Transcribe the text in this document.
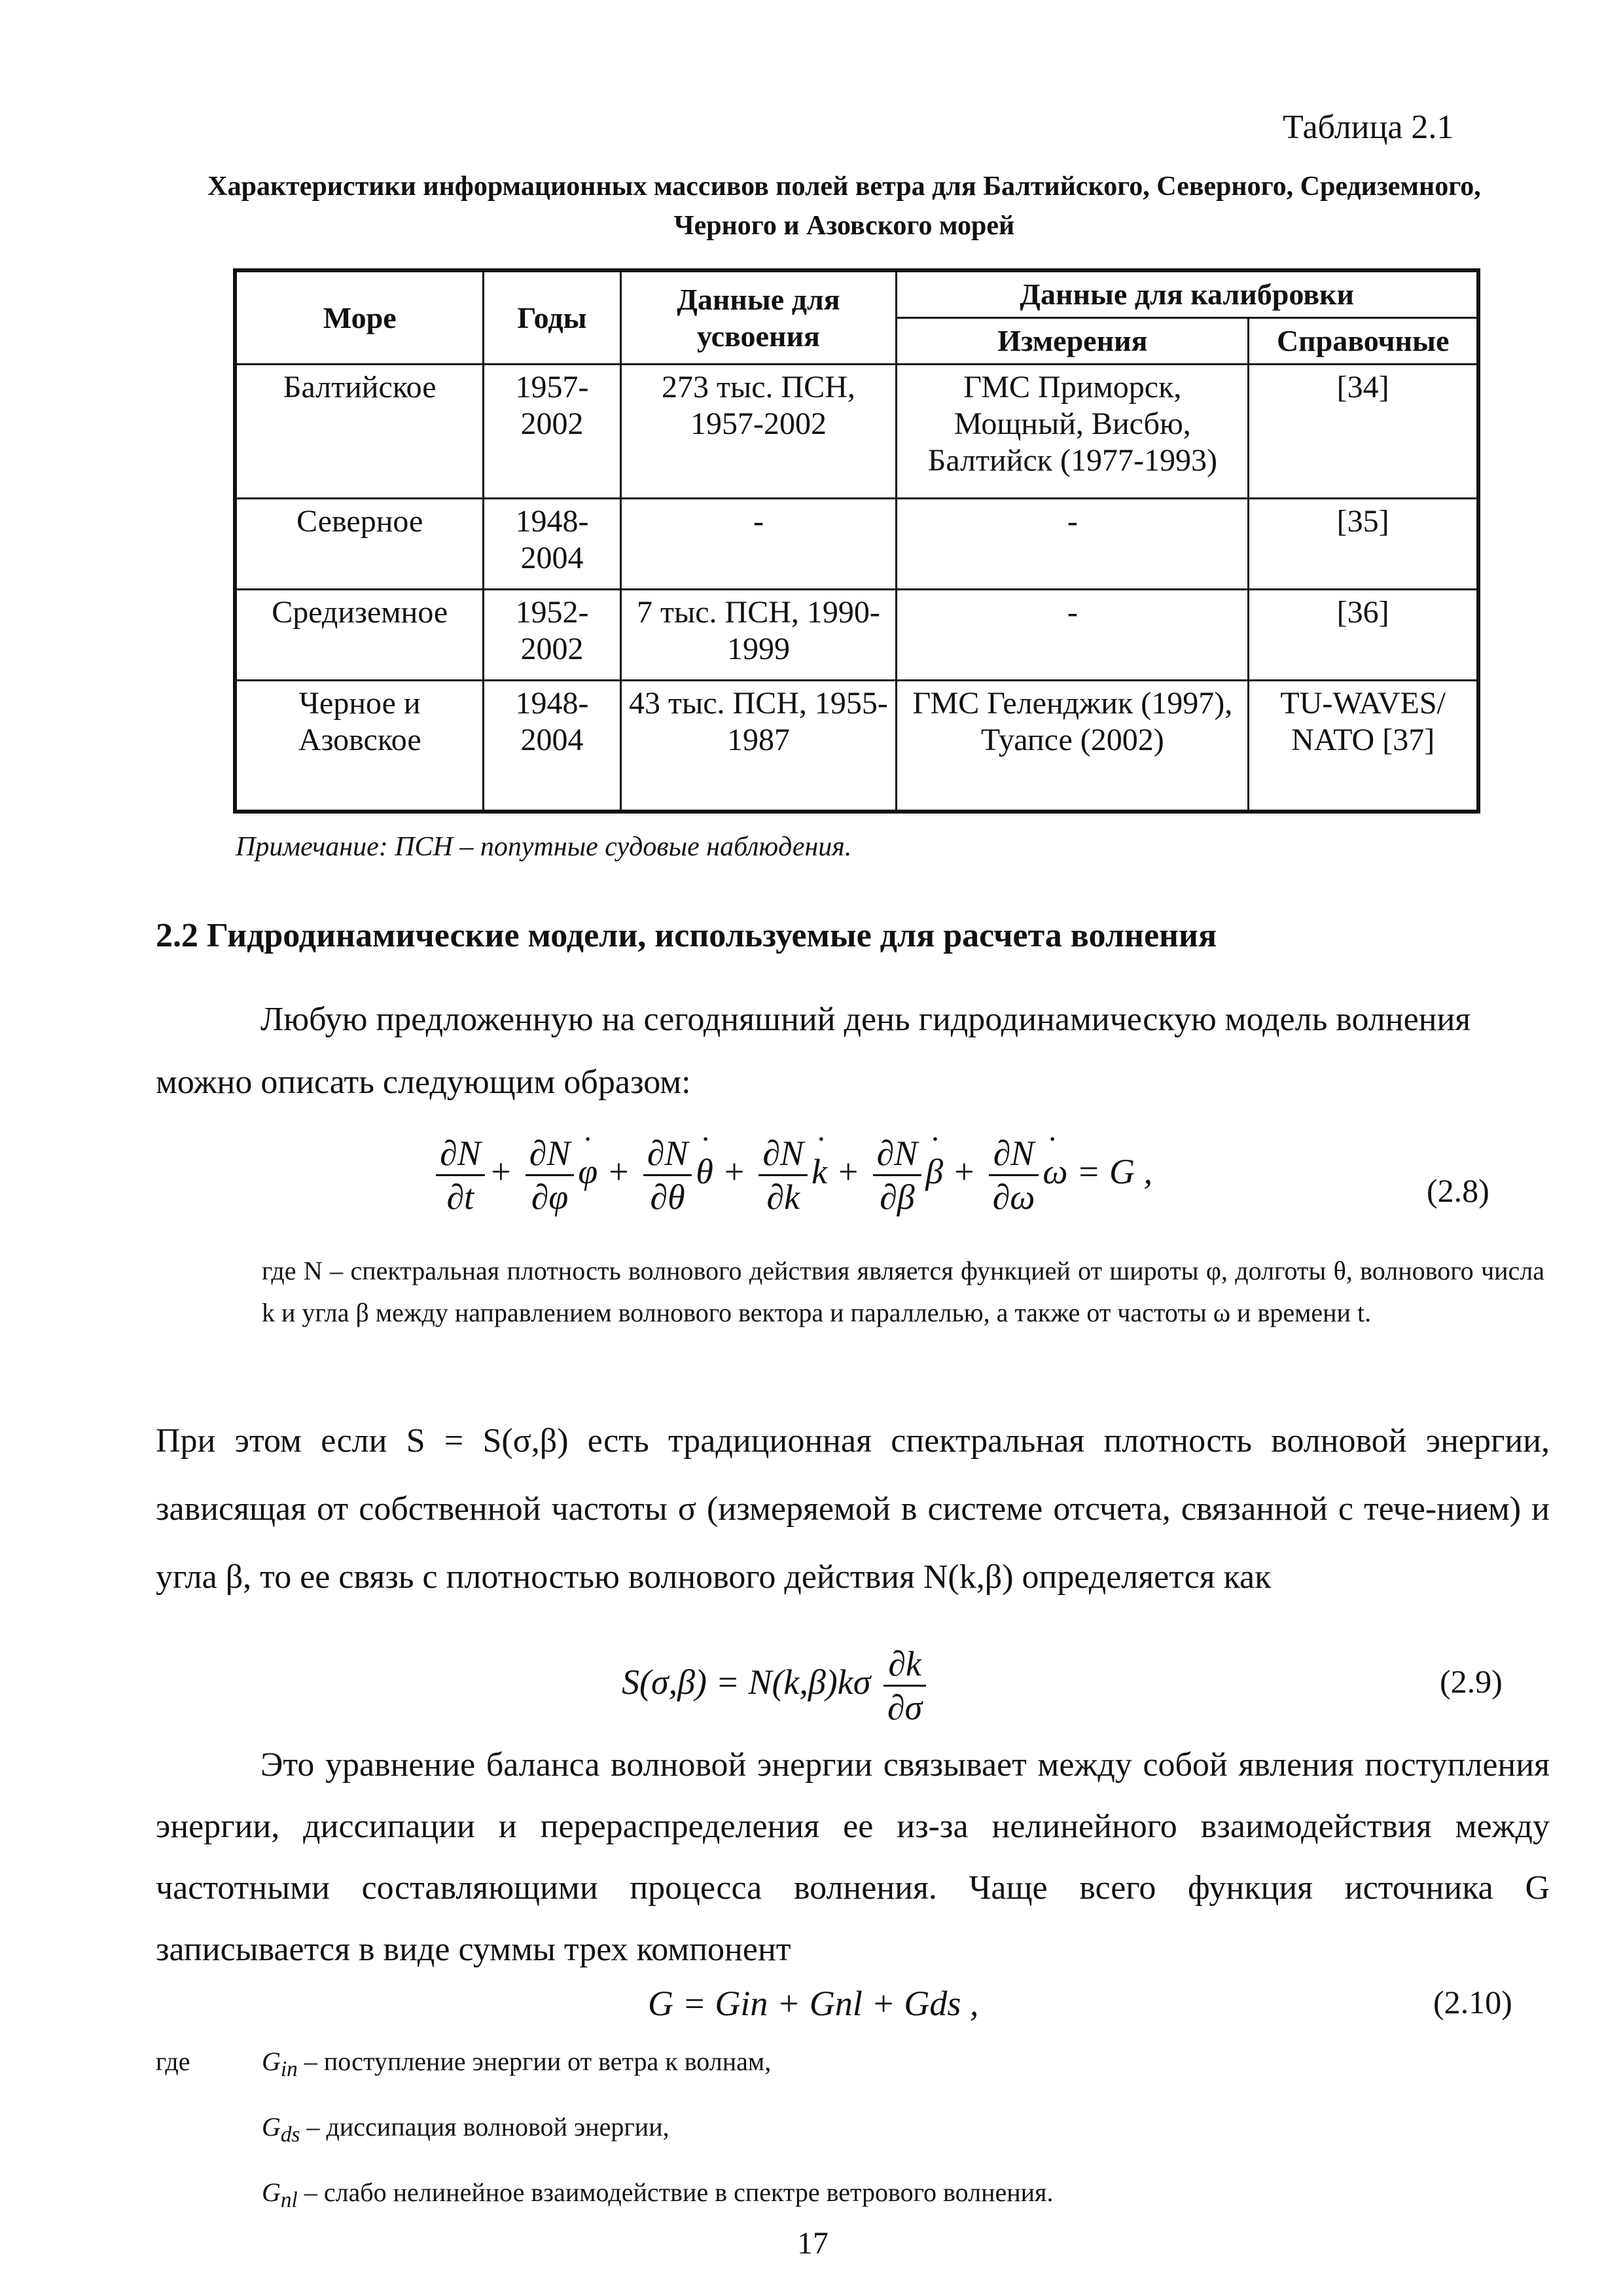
Таблица 2.1
Характеристики информационных массивов полей ветра для Балтийского, Северного, Средиземного,
Черного и Азовского морей
Море	Годы	Данные для усвоения	Данные для калибровки	
			Измерения	Справочные
Балтийское	1957-2002	273 тыс. ПСН, 1957-2002	ГМС Приморск, Мощный, Висбю, Балтийск (1977-1993)	[34]
Северное	1948-2004	-	-	[35]
Средиземное	1952-2002	7 тыс. ПСН, 1990-1999	-	[36]
Черное и Азовское	1948-2004	43 тыс. ПСН, 1955-1987	ГМС Геленджик (1997), Туапсе (2002)	TU-WAVES/ NATO [37]
Примечание: ПСН – попутные судовые наблюдения.
2.2 Гидродинамические модели, используемые для расчета волнения
Любую предложенную на сегодняшний день гидродинамическую модель волнения можно описать следующим образом:
$\frac{\partial N}{\partial t} + \frac{\partial N}{\partial\varphi}$ φ ˙ + $\frac{\partial N}{\partial\theta}$ θ ˙ + $\frac{\partial N}{\partial k}$ k ˙ + $\frac{\partial N}{\partial\beta}$ β ˙ + $\frac{\partial N}{\partial\omega}$ ω ˙ = G ,	(2.8)
где N – спектральная плотность волнового действия является функцией от широты φ, долготы θ, волнового числа k и угла β между направлением волнового вектора и параллелью, а также от частоты ω и времени t.
При этом если S = S(σ,β) есть традиционная спектральная плотность волновой энергии, зависящая от собственной частоты σ (измеряемой в системе отсчета, связанной с тече-нием) и угла β, то ее связь с плотностью волнового действия N(k,β) определяется как
$S(\sigma,\beta) = N(k,\beta)k\sigma \frac{\partial k}{\partial\sigma}$	(2.9)
Это уравнение баланса волновой энергии связывает между собой явления поступления энергии, диссипации и перераспределения ее из-за нелинейного взаимодействия между частотными составляющими процесса волнения. Чаще всего функция источника G записывается в виде суммы трех компонент
G = Gin + Gnl + Gds ,	(2.10)
где	$G_{in}$ – поступление энергии от ветра к волнам,
$G_{ds}$ – диссипация волновой энергии,
$G_{nl}$ – слабо нелинейное взаимодействие в спектре ветрового волнения.
17
